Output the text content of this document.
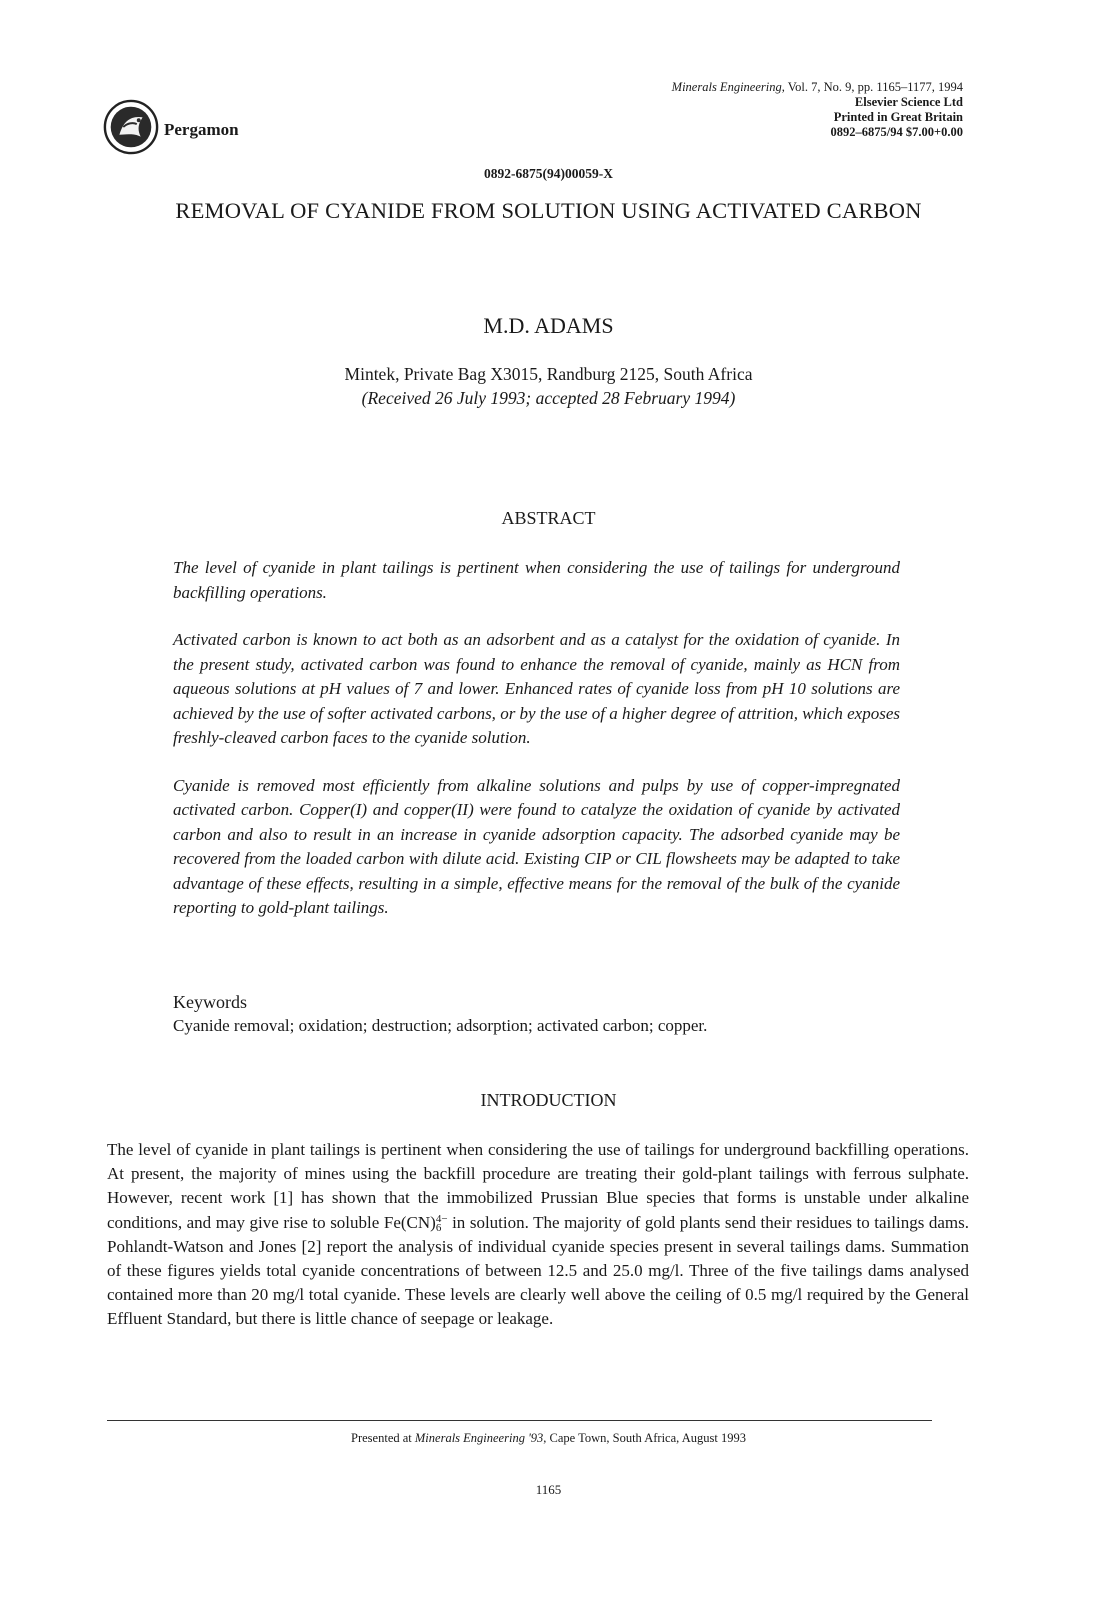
Pergamon
Minerals Engineering, Vol. 7, No. 9, pp. 1165–1177, 1994
Elsevier Science Ltd
Printed in Great Britain
0892–6875/94 $7.00+0.00
0892-6875(94)00059-X
REMOVAL OF CYANIDE FROM SOLUTION USING ACTIVATED CARBON
M.D. ADAMS
Mintek, Private Bag X3015, Randburg 2125, South Africa
(Received 26 July 1993; accepted 28 February 1994)
ABSTRACT

The level of cyanide in plant tailings is pertinent when considering the use of tailings for underground backfilling operations.

Activated carbon is known to act both as an adsorbent and as a catalyst for the oxidation of cyanide. In the present study, activated carbon was found to enhance the removal of cyanide, mainly as HCN from aqueous solutions at pH values of 7 and lower. Enhanced rates of cyanide loss from pH 10 solutions are achieved by the use of softer activated carbons, or by the use of a higher degree of attrition, which exposes freshly-cleaved carbon faces to the cyanide solution.

Cyanide is removed most efficiently from alkaline solutions and pulps by use of copper-impregnated activated carbon. Copper(I) and copper(II) were found to catalyze the oxidation of cyanide by activated carbon and also to result in an increase in cyanide adsorption capacity. The adsorbed cyanide may be recovered from the loaded carbon with dilute acid. Existing CIP or CIL flowsheets may be adapted to take advantage of these effects, resulting in a simple, effective means for the removal of the bulk of the cyanide reporting to gold-plant tailings.

Keywords
Cyanide removal; oxidation; destruction; adsorption; activated carbon; copper.
INTRODUCTION

The level of cyanide in plant tailings is pertinent when considering the use of tailings for underground backfilling operations. At present, the majority of mines using the backfill procedure are treating their gold-plant tailings with ferrous sulphate. However, recent work [1] has shown that the immobilized Prussian Blue species that forms is unstable under alkaline conditions, and may give rise to soluble Fe(CN) 4−
6 in solution. The majority of gold plants send their residues to tailings dams. Pohlandt-Watson and Jones [2] report the analysis of individual cyanide species present in several tailings dams. Summation of these figures yields total cyanide concentrations of between 12.5 and 25.0 mg/l. Three of the five tailings dams analysed contained more than 20 mg/l total cyanide. These levels are clearly well above the ceiling of 0.5 mg/l required by the General Effluent Standard, but there is little chance of seepage or leakage.

Presented at Minerals Engineering '93, Cape Town, South Africa, August 1993
1165
